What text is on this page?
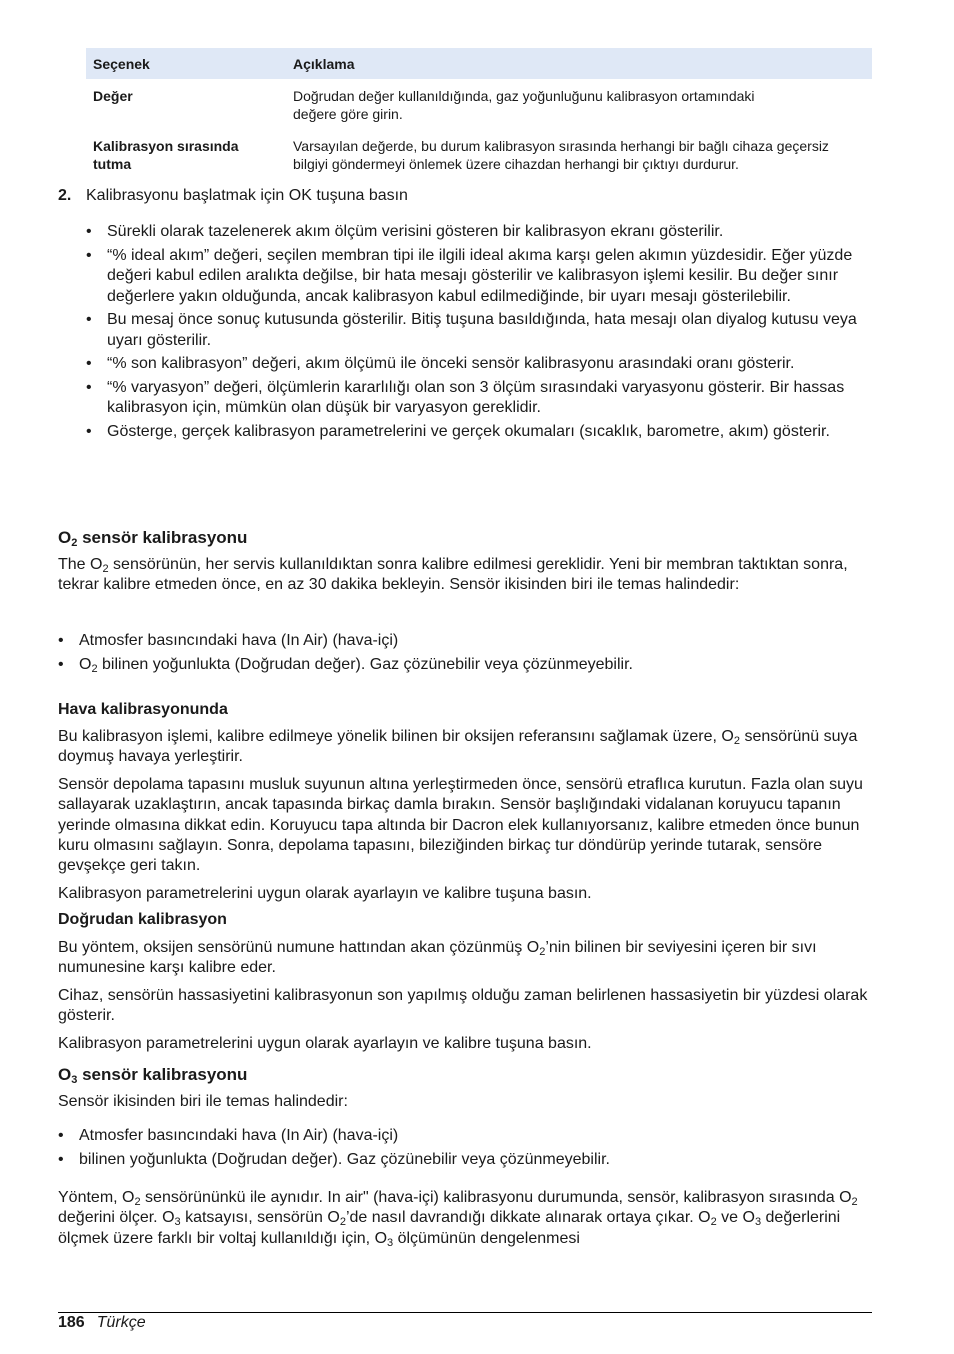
Seçenek	Açıklama
Değer	Doğrudan değer kullanıldığında, gaz yoğunluğunu kalibrasyon ortamındaki
değere göre girin.
Kalibrasyon sırasında tutma	Varsayılan değerde, bu durum kalibrasyon sırasında herhangi bir bağlı cihaza geçersiz bilgiyi göndermeyi önlemek üzere cihazdan herhangi bir çıktıyı durdurur.
2. Kalibrasyonu başlatmak için OK tuşuna basın
• Sürekli olarak tazelenerek akım ölçüm verisini gösteren bir kalibrasyon ekranı gösterilir.
• “% ideal akım” değeri, seçilen membran tipi ile ilgili ideal akıma karşı gelen akımın yüzdesidir. Eğer yüzde değeri kabul edilen aralıkta değilse, bir hata mesajı gösterilir ve kalibrasyon işlemi kesilir. Bu değer sınır değerlere yakın olduğunda, ancak kalibrasyon kabul edilmediğinde, bir uyarı mesajı gösterilebilir.
• Bu mesaj önce sonuç kutusunda gösterilir. Bitiş tuşuna basıldığında, hata mesajı olan diyalog kutusu veya uyarı gösterilir.
• “% son kalibrasyon” değeri, akım ölçümü ile önceki sensör kalibrasyonu arasındaki oranı gösterir.
• “% varyasyon” değeri, ölçümlerin kararlılığı olan son 3 ölçüm sırasındaki varyasyonu gösterir. Bir hassas kalibrasyon için, mümkün olan düşük bir varyasyon gereklidir.
• Gösterge, gerçek kalibrasyon parametrelerini ve gerçek okumaları (sıcaklık, barometre, akım) gösterir.
$O_2$ sensör kalibrasyonu

The $O_2$ sensörünün, her servis kullanıldıktan sonra kalibre edilmesi gereklidir. Yeni bir membran taktıktan sonra, tekrar kalibre etmeden önce, en az 30 dakika bekleyin. Sensör ikisinden biri ile temas halindedir:

• Atmosfer basıncındaki hava (In Air) (hava-içi)
• $O_2$ bilinen yoğunlukta (Doğrudan değer). Gaz çözünebilir veya çözünmeyebilir.
Hava kalibrasyonunda

Bu kalibrasyon işlemi, kalibre edilmeye yönelik bilinen bir oksijen referansını sağlamak üzere, $O_2$ sensörünü suya doymuş havaya yerleştirir.

Sensör depolama tapasını musluk suyunun altına yerleştirmeden önce, sensörü etraflıca kurutun. Fazla olan suyu sallayarak uzaklaştırın, ancak tapasında birkaç damla bırakın. Sensör başlığındaki vidalanan koruyucu tapanın yerinde olmasına dikkat edin. Koruyucu tapa altında bir Dacron elek kullanıyorsanız, kalibre etmeden önce bunun kuru olmasını sağlayın. Sonra, depolama tapasını, bileziğinden birkaç tur döndürüp yerinde tutarak, sensöre gevşekçe geri takın.

Kalibrasyon parametrelerini uygun olarak ayarlayın ve kalibre tuşuna basın.

Doğrudan kalibrasyon

Bu yöntem, oksijen sensörünü numune hattından akan çözünmüş $O_2’nin$ bilinen bir seviyesini içeren bir sıvı numunesine karşı kalibre eder.

Cihaz, sensörün hassasiyetini kalibrasyonun son yapılmış olduğu zaman belirlenen hassasiyetin bir yüzdesi olarak gösterir.

Kalibrasyon parametrelerini uygun olarak ayarlayın ve kalibre tuşuna basın.

$O_3$ sensör kalibrasyonu

Sensör ikisinden biri ile temas halindedir:

• Atmosfer basıncındaki hava (In Air) (hava-içi)
• bilinen yoğunlukta (Doğrudan değer). Gaz çözünebilir veya çözünmeyebilir.

Yöntem, $O_2$ sensörününkü ile aynıdır. In air" (hava-içi) kalibrasyonu durumunda, sensör, kalibrasyon sırasında $O_2$ değerini ölçer. $O_3$ katsayısı, sensörün $O_2’de$ nasıl davrandığı dikkate alınarak ortaya çıkar. $O_2$ ve $O_3$ değerlerini ölçmek üzere farklı bir voltaj kullanıldığı için, $O_3$ ölçümünün dengelenmesi

186 Türkçe
